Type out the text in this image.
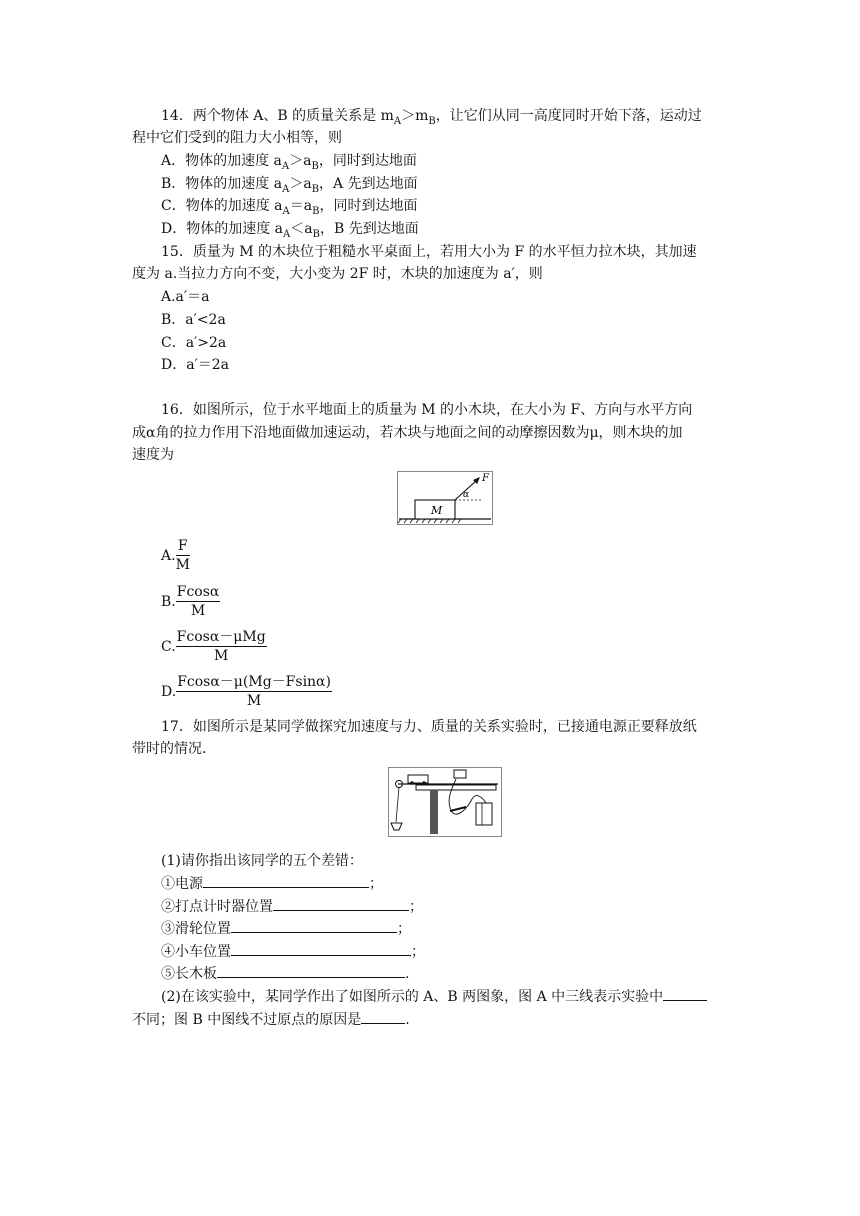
14．两个物体 A、B 的质量关系是 $m_A>m_B$，让它们从同一高度同时开始下落，运动过
程中它们受到的阻力大小相等，则
A．物体的加速度 $a_A>a_B$，同时到达地面
B．物体的加速度 $a_A>a_B$，A 先到达地面
C．物体的加速度 $a_A=a_B$，同时到达地面
D．物体的加速度 $a_A<a_B$，B 先到达地面
15．质量为 M 的木块位于粗糙水平桌面上，若用大小为 F 的水平恒力拉木块，其加速
度为 a.当拉力方向不变，大小变为 2F 时，木块的加速度为 a′，则
A.a′＝a
B．a′<2a
C．a′>2a
D．a′＝2a
16．如图所示，位于水平地面上的质量为 M 的小木块，在大小为 F、方向与水平方向
成α角的拉力作用下沿地面做加速运动，若木块与地面之间的动摩擦因数为μ，则木块的加
速度为
M
F
α
A. $\frac{F}{M}$
B. $\frac{Fcos\alpha}{M}$
C. $\frac{\text{Fcosα－μMg}}{M}$
D. $\frac{Fcos\alpha-\mu(Mg-Fsin\alpha)}{M}$
17．如图所示是某同学做探究加速度与力、质量的关系实验时，已接通电源正要释放纸
带时的情况．
(1)请你指出该同学的五个差错：
①电源	；
②打点计时器位置	；
③滑轮位置	；
④小车位置	；
⑤长木板	.
(2)在该实验中，某同学作出了如图所示的 A、B 两图象，图 A 中三线表示实验中
不同；图 B 中图线不过原点的原因是	.
